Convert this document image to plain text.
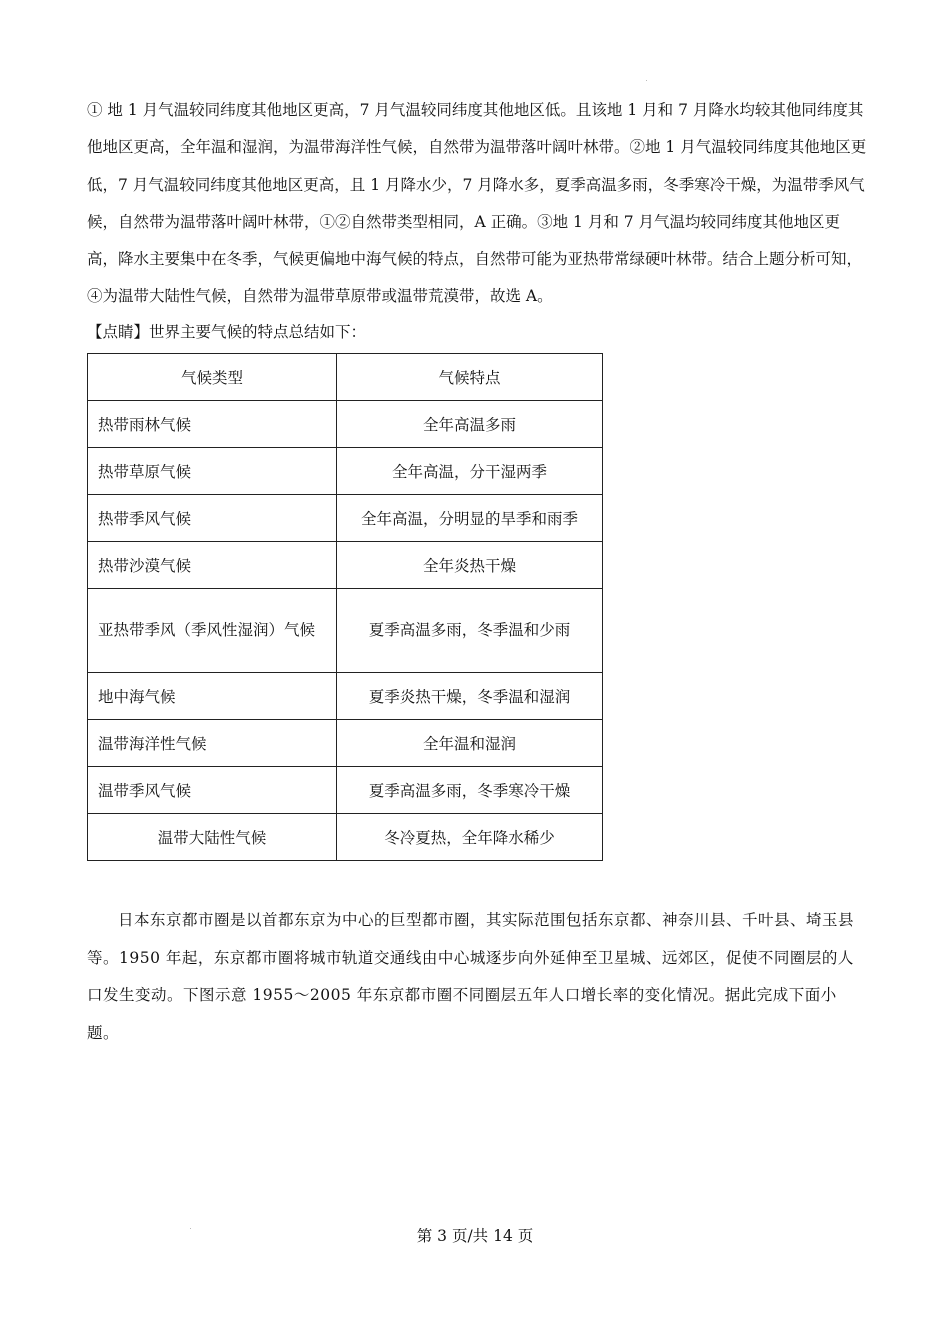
① 地 1 月气温较同纬度其他地区更高，7 月气温较同纬度其他地区低。且该地 1 月和 7 月降水均较其他同纬度其他地区更高，全年温和湿润，为温带海洋性气候，自然带为温带落叶阔叶林带。②地 1 月气温较同纬度其他地区更低，7 月气温较同纬度其他地区更高，且 1 月降水少，7 月降水多，夏季高温多雨，冬季寒冷干燥，为温带季风气候，自然带为温带落叶阔叶林带，①②自然带类型相同，A 正确。③地 1 月和 7 月气温均较同纬度其他地区更高，降水主要集中在冬季，气候更偏地中海气候的特点，自然带可能为亚热带常绿硬叶林带。结合上题分析可知，④为温带大陆性气候，自然带为温带草原带或温带荒漠带，故选 A。

【点睛】世界主要气候的特点总结如下：
气候类型	气候特点
热带雨林气候	全年高温多雨
热带草原气候	全年高温，分干湿两季
热带季风气候	全年高温，分明显的旱季和雨季
热带沙漠气候	全年炎热干燥
亚热带季风（季风性湿润）气候	夏季高温多雨，冬季温和少雨
地中海气候	夏季炎热干燥，冬季温和湿润
温带海洋性气候	全年温和湿润
温带季风气候	夏季高温多雨，冬季寒冷干燥
温带大陆性气候	冬冷夏热，全年降水稀少

日本东京都市圈是以首都东京为中心的巨型都市圈，其实际范围包括东京都、神奈川县、千叶县、埼玉县等。1950 年起，东京都市圈将城市轨道交通线由中心城逐步向外延伸至卫星城、远郊区，促使不同圈层的人口发生变动。下图示意 1955～2005 年东京都市圈不同圈层五年人口增长率的变化情况。据此完成下面小题。

第 3 页/共 14 页
